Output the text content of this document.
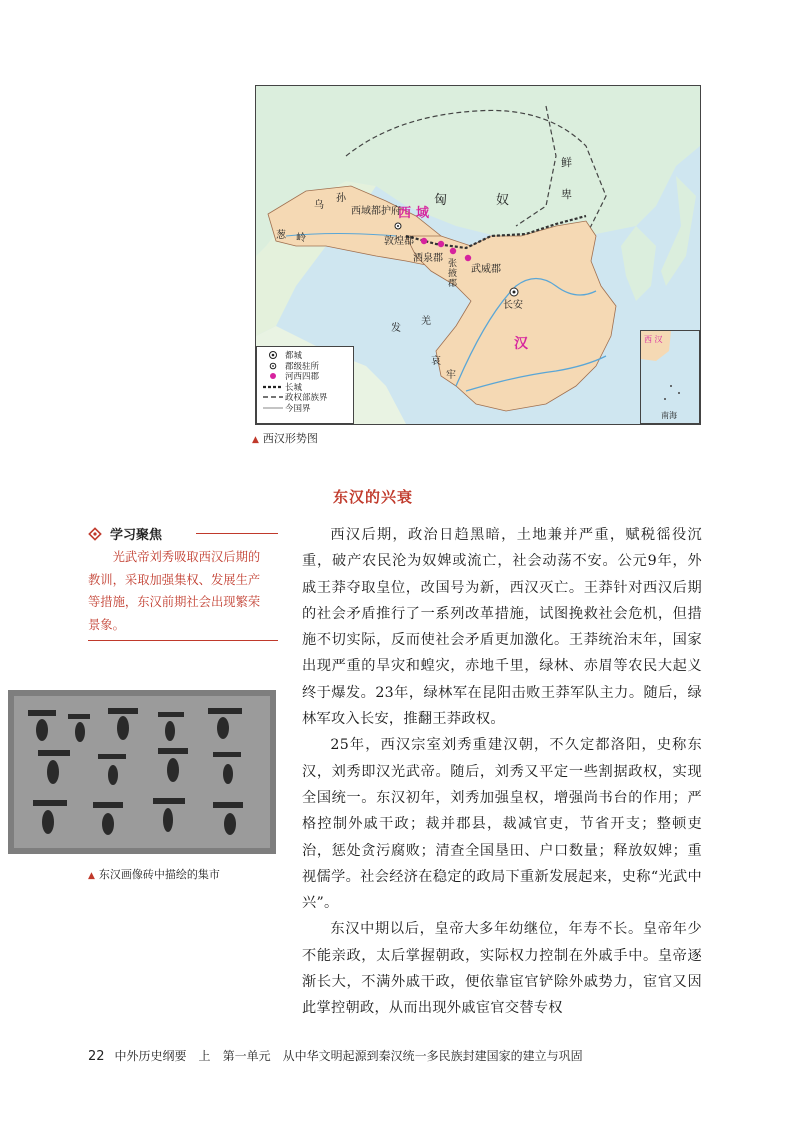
匈	奴
鲜
卑
乌
孙
西 域
西域都护府
葱 岭	敦煌郡
酒泉郡 张
掖
郡
武威郡
长安
汉
发
羌
哀
牢
都城
郡级驻所
河西四郡
长城
政权部族界
今国界
西 汉
南海
▲ 西汉形势图
东汉的兴衰
学习聚焦
光武帝刘秀吸取西汉后期的教训，采取加强集权、发展生产等措施，东汉前期社会出现繁荣景象。
▲ 东汉画像砖中描绘的集市

西汉后期，政治日趋黑暗，土地兼并严重，赋税徭役沉重，破产农民沦为奴婢或流亡，社会动荡不安。公元9年，外戚王莽夺取皇位，改国号为新，西汉灭亡。王莽针对西汉后期的社会矛盾推行了一系列改革措施，试图挽救社会危机，但措施不切实际，反而使社会矛盾更加激化。王莽统治末年，国家出现严重的旱灾和蝗灾，赤地千里，绿林、赤眉等农民大起义终于爆发。23年，绿林军在昆阳击败王莽军队主力。随后，绿林军攻入长安，推翻王莽政权。

25年，西汉宗室刘秀重建汉朝，不久定都洛阳，史称东汉，刘秀即汉光武帝。随后，刘秀又平定一些割据政权，实现全国统一。东汉初年，刘秀加强皇权，增强尚书台的作用；严格控制外戚干政；裁并郡县，裁减官吏，节省开支；整顿吏治，惩处贪污腐败；清查全国垦田、户口数量；释放奴婢；重视儒学。社会经济在稳定的政局下重新发展起来，史称“光武中兴”。

东汉中期以后，皇帝大多年幼继位，年寿不长。皇帝年少不能亲政，太后掌握朝政，实际权力控制在外戚手中。皇帝逐渐长大，不满外戚干政，便依靠宦官铲除外戚势力，宦官又因此掌控朝政，从而出现外戚宦官交替专权

22 中外历史纲要　上 第一单元 从中华文明起源到秦汉统一多民族封建国家的建立与巩固
